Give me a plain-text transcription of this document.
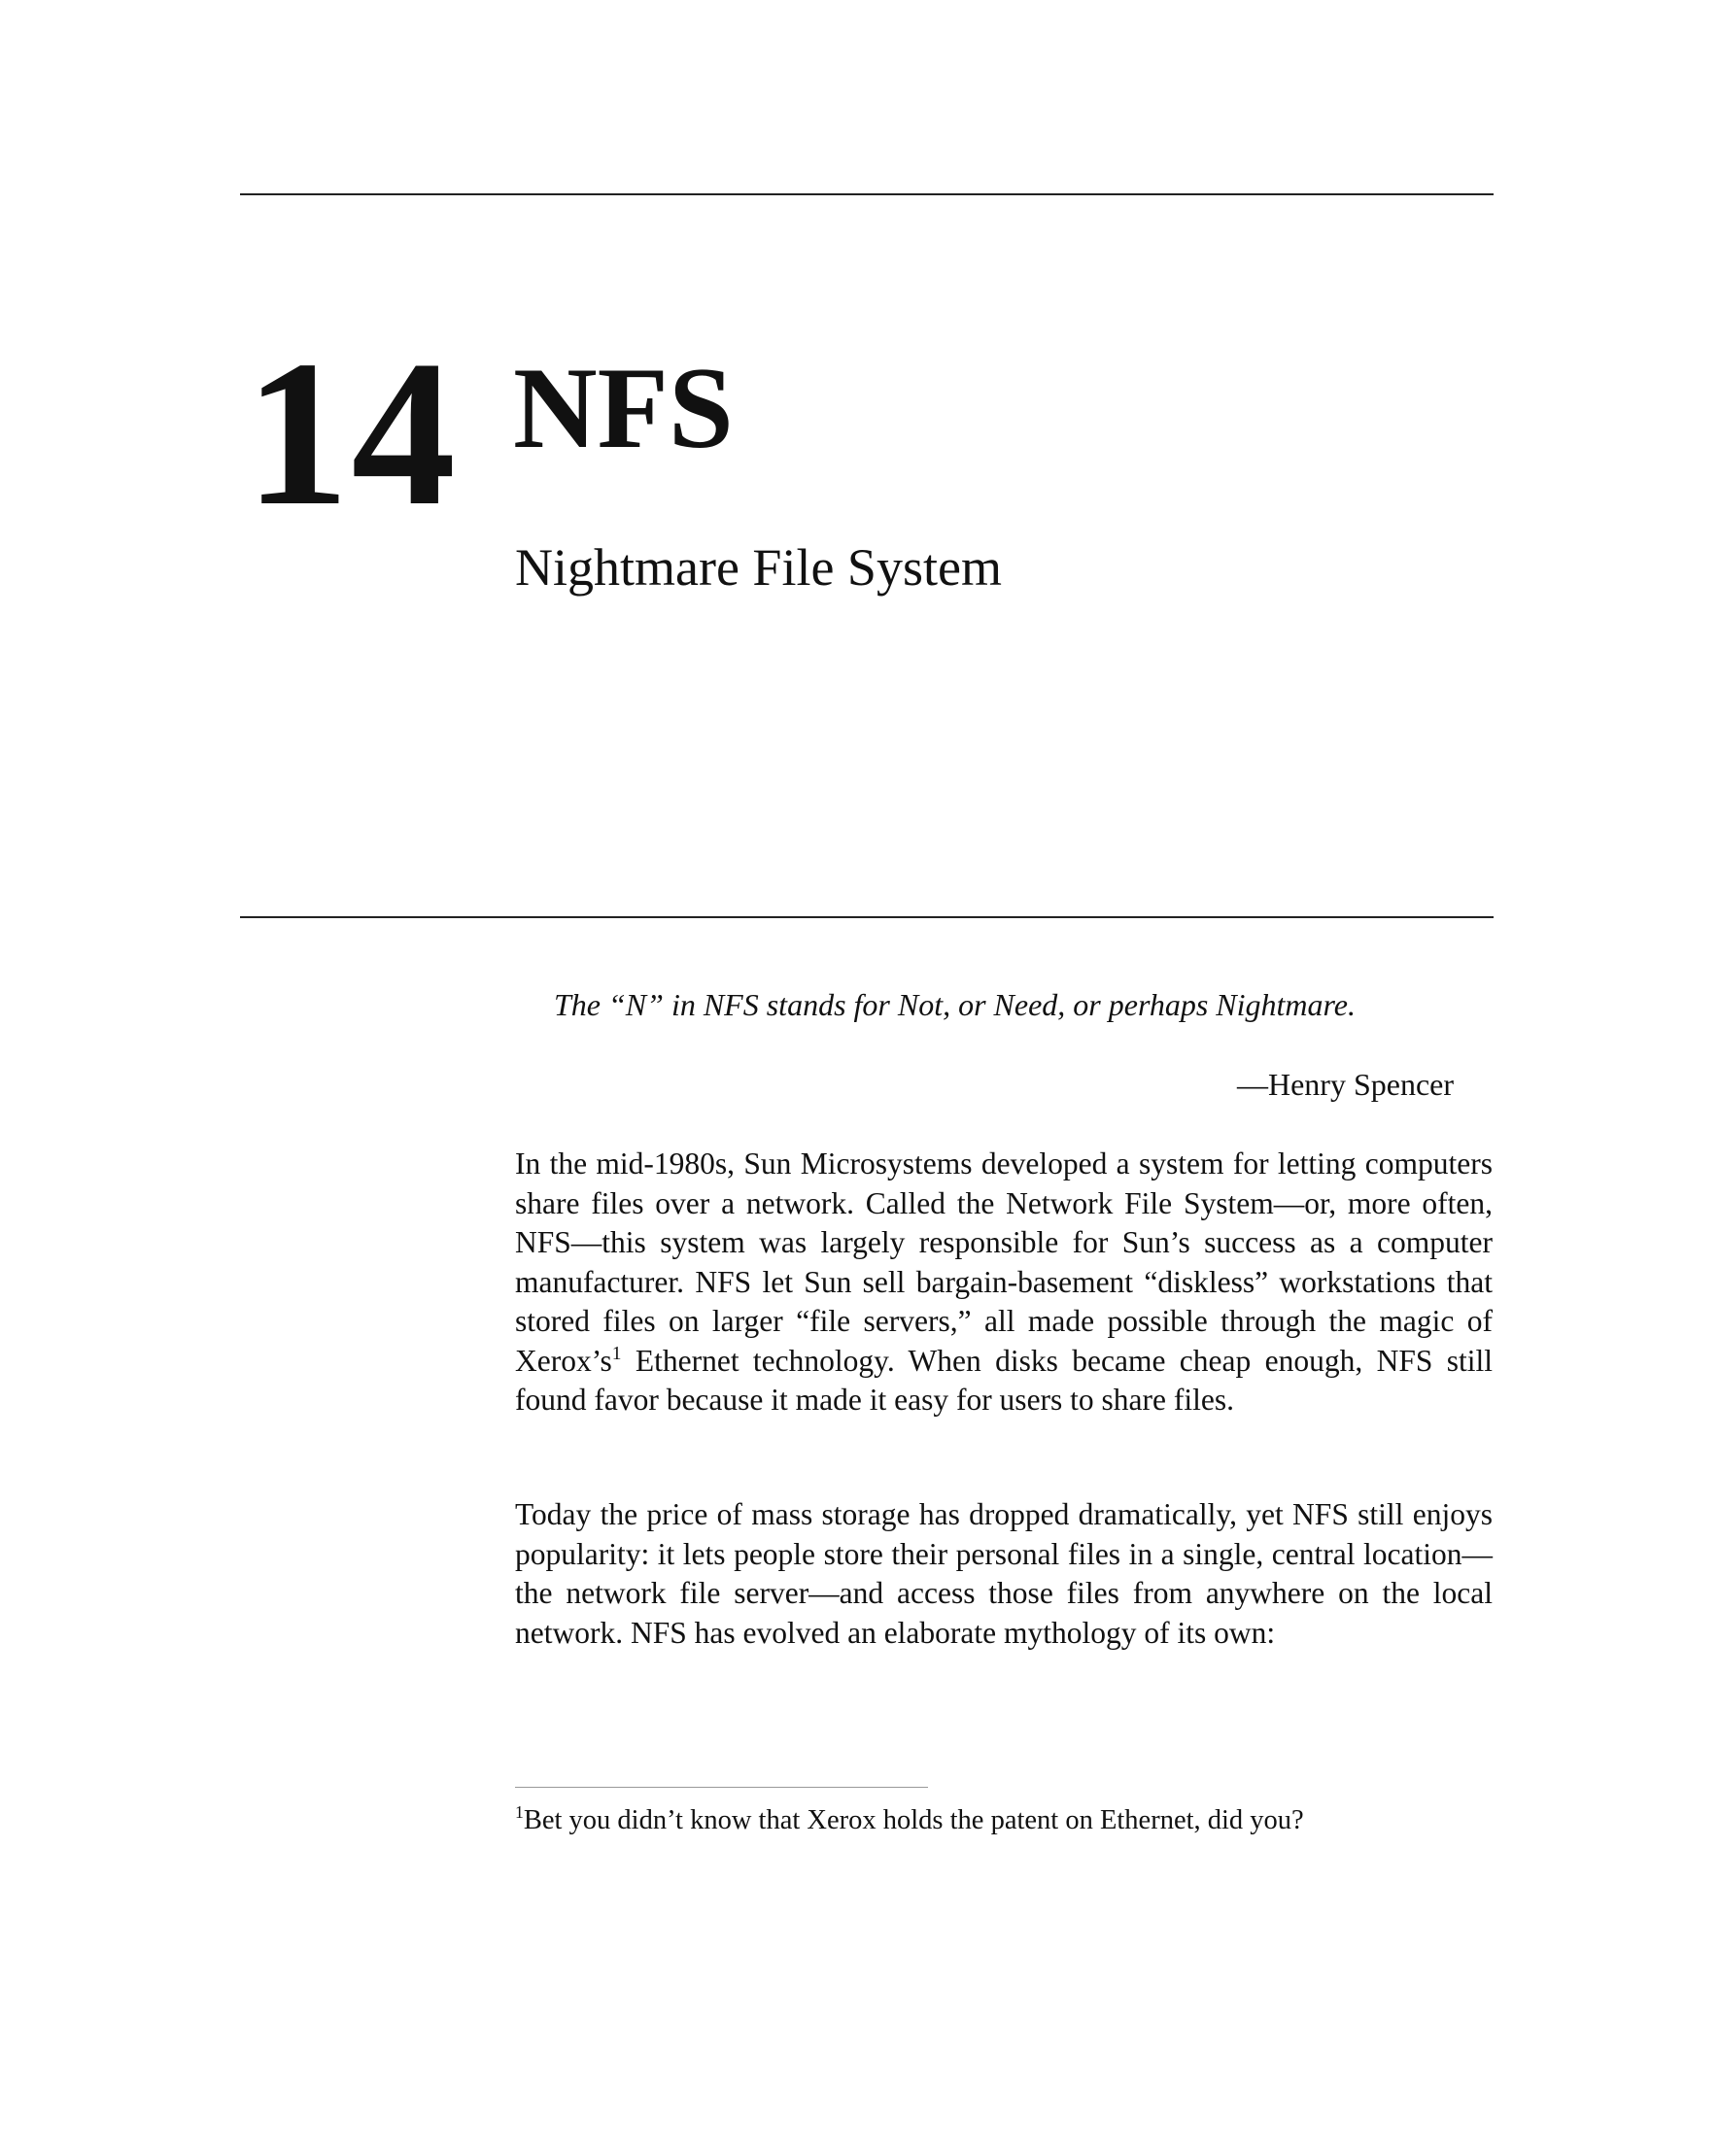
14 NFS
Nightmare File System
The “N” in NFS stands for Not, or Need, or perhaps Nightmare.
—Henry Spencer

In the mid-1980s, Sun Microsystems developed a system for letting computers share files over a network. Called the Network File System—or, more often, NFS—this system was largely responsible for Sun’s success as a computer manufacturer. NFS let Sun sell bargain-basement “diskless” workstations that stored files on larger “file servers,” all made possible through the magic of $Xerox’s^1$ Ethernet technology. When disks became cheap enough, NFS still found favor because it made it easy for users to share files.

Today the price of mass storage has dropped dramatically, yet NFS still enjoys popularity: it lets people store their personal files in a single, central location—the network file server—and access those files from anywhere on the local network. NFS has evolved an elaborate mythology of its own:

$^1$Bet you didn’t know that Xerox holds the patent on Ethernet, did you?
